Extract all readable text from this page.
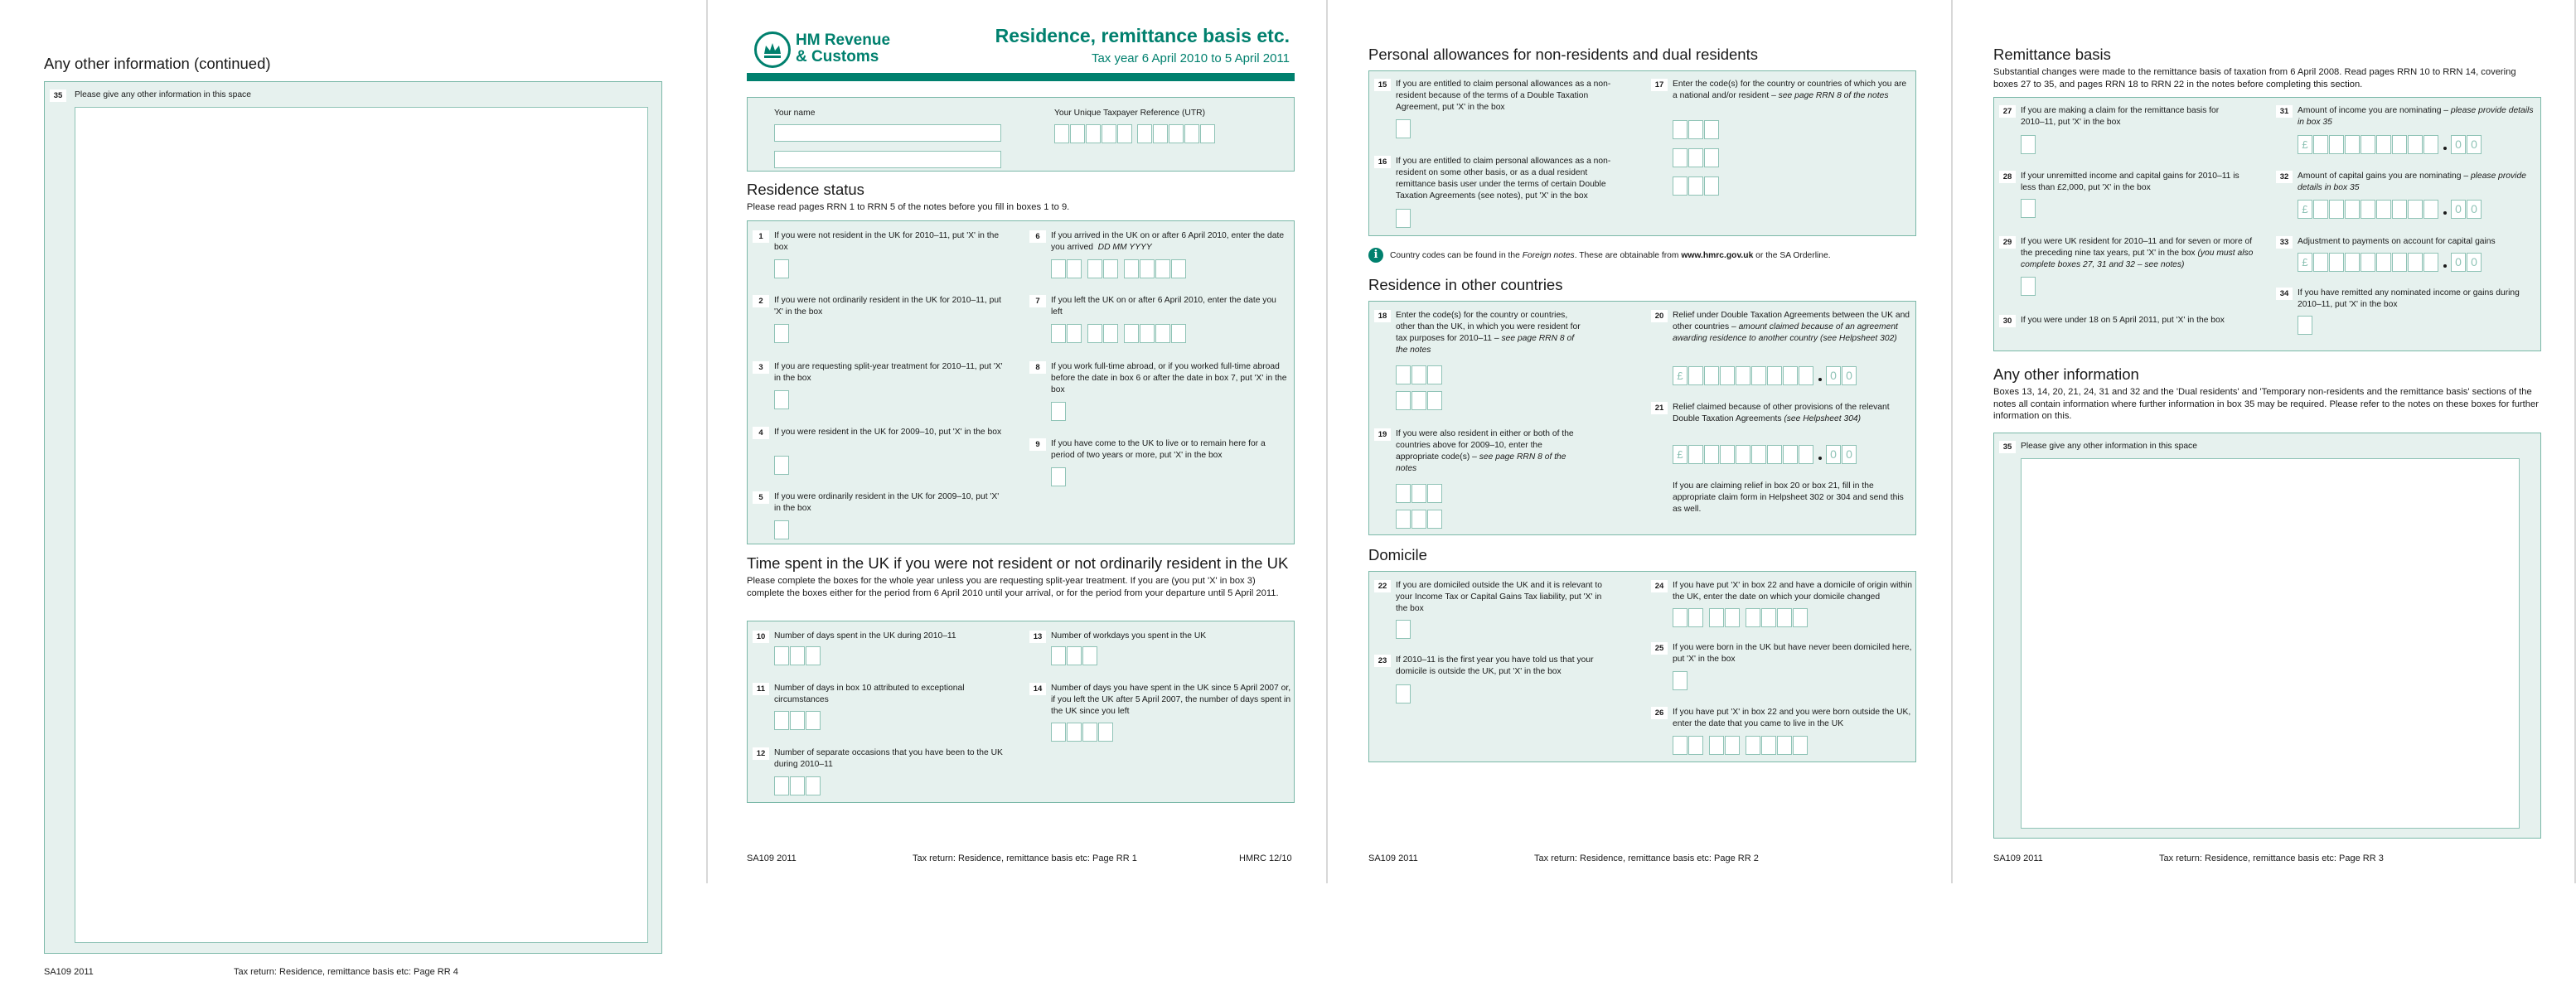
Any other information (continued)
35	Please give any other information in this space
SA109 2011	Tax return: Residence, remittance basis etc: Page RR 4
HM Revenue
& Customs
Residence, remittance basis etc.
Tax year 6 April 2010 to 5 April 2011
Your name	Your Unique Taxpayer Reference (UTR)
Residence status
Please read pages RRN 1 to RRN 5 of the notes before you fill in boxes 1 to 9.
1	If you were not resident in the UK for 2010–11, put 'X' in the box
2	If you were not ordinarily resident in the UK for 2010–11, put 'X' in the box
3	If you are requesting split-year treatment for 2010–11, put 'X' in the box
4	If you were resident in the UK for 2009–10, put 'X' in the box
5	If you were ordinarily resident in the UK for 2009–10, put 'X' in the box
6	If you arrived in the UK on or after 6 April 2010, enter the date you arrived DD MM YYYY
7	If you left the UK on or after 6 April 2010, enter the date you left
8	If you work full-time abroad, or if you worked full-time abroad before the date in box 6 or after the date in box 7, put 'X' in the box
9	If you have come to the UK to live or to remain here for a period of two years or more, put 'X' in the box
Time spent in the UK if you were not resident or not ordinarily resident in the UK
Please complete the boxes for the whole year unless you are requesting split-year treatment. If you are (you put 'X' in box 3) complete the boxes either for the period from 6 April 2010 until your arrival, or for the period from your departure until 5 April 2011.
10	Number of days spent in the UK during 2010–11
11	Number of days in box 10 attributed to exceptional circumstances
12	Number of separate occasions that you have been to the UK during 2010–11
13	Number of workdays you spent in the UK
14	Number of days you have spent in the UK since 5 April 2007 or, if you left the UK after 5 April 2007, the number of days spent in the UK since you left
SA109 2011	Tax return: Residence, remittance basis etc: Page RR 1	HMRC 12/10
Personal allowances for non-residents and dual residents
15	If you are entitled to claim personal allowances as a non-resident because of the terms of a Double Taxation Agreement, put 'X' in the box
16	If you are entitled to claim personal allowances as a non-resident on some other basis, or as a dual resident remittance basis user under the terms of certain Double Taxation Agreements (see notes), put 'X' in the box
17	Enter the code(s) for the country or countries of which you are a national and/or resident – see page RRN 8 of the notes
i	Country codes can be found in the Foreign notes. These are obtainable from www.hmrc.gov.uk or the SA Orderline.
Residence in other countries
18	Enter the code(s) for the country or countries, other than the UK, in which you were resident for tax purposes for 2010–11 – see page RRN 8 of the notes
19	If you were also resident in either or both of the countries above for 2009–10, enter the appropriate code(s) – see page RRN 8 of the notes
20	Relief under Double Taxation Agreements between the UK and other countries – amount claimed because of an agreement awarding residence to another country (see Helpsheet 302)
£	0 0
21	Relief claimed because of other provisions of the relevant Double Taxation Agreements (see Helpsheet 304)
£	0 0
If you are claiming relief in box 20 or box 21, fill in the appropriate claim form in Helpsheet 302 or 304 and send this as well.
Domicile
22	If you are domiciled outside the UK and it is relevant to your Income Tax or Capital Gains Tax liability, put 'X' in the box
23	If 2010–11 is the first year you have told us that your domicile is outside the UK, put 'X' in the box
24	If you have put 'X' in box 22 and have a domicile of origin within the UK, enter the date on which your domicile changed
25	If you were born in the UK but have never been domiciled here, put 'X' in the box
26	If you have put 'X' in box 22 and you were born outside the UK, enter the date that you came to live in the UK
SA109 2011	Tax return: Residence, remittance basis etc: Page RR 2
Remittance basis
Substantial changes were made to the remittance basis of taxation from 6 April 2008. Read pages RRN 10 to RRN 14, covering boxes 27 to 35, and pages RRN 18 to RRN 22 in the notes before completing this section.
27	If you are making a claim for the remittance basis for 2010–11, put 'X' in the box
28	If your unremitted income and capital gains for 2010–11 is less than £2,000, put 'X' in the box
29	If you were UK resident for 2010–11 and for seven or more of the preceding nine tax years, put 'X' in the box (you must also complete boxes 27, 31 and 32 – see notes)
30	If you were under 18 on 5 April 2011, put 'X' in the box
31	Amount of income you are nominating – please provide details in box 35
£	0 0
32	Amount of capital gains you are nominating – please provide details in box 35
£	0 0
33	Adjustment to payments on account for capital gains
£	0 0
34	If you have remitted any nominated income or gains during 2010–11, put 'X' in the box
Any other information
Boxes 13, 14, 20, 21, 24, 31 and 32 and the 'Dual residents' and 'Temporary non-residents and the remittance basis' sections of the notes all contain information where further information in box 35 may be required. Please refer to the notes on these boxes for further information on this.
35	Please give any other information in this space
SA109 2011	Tax return: Residence, remittance basis etc: Page RR 3
